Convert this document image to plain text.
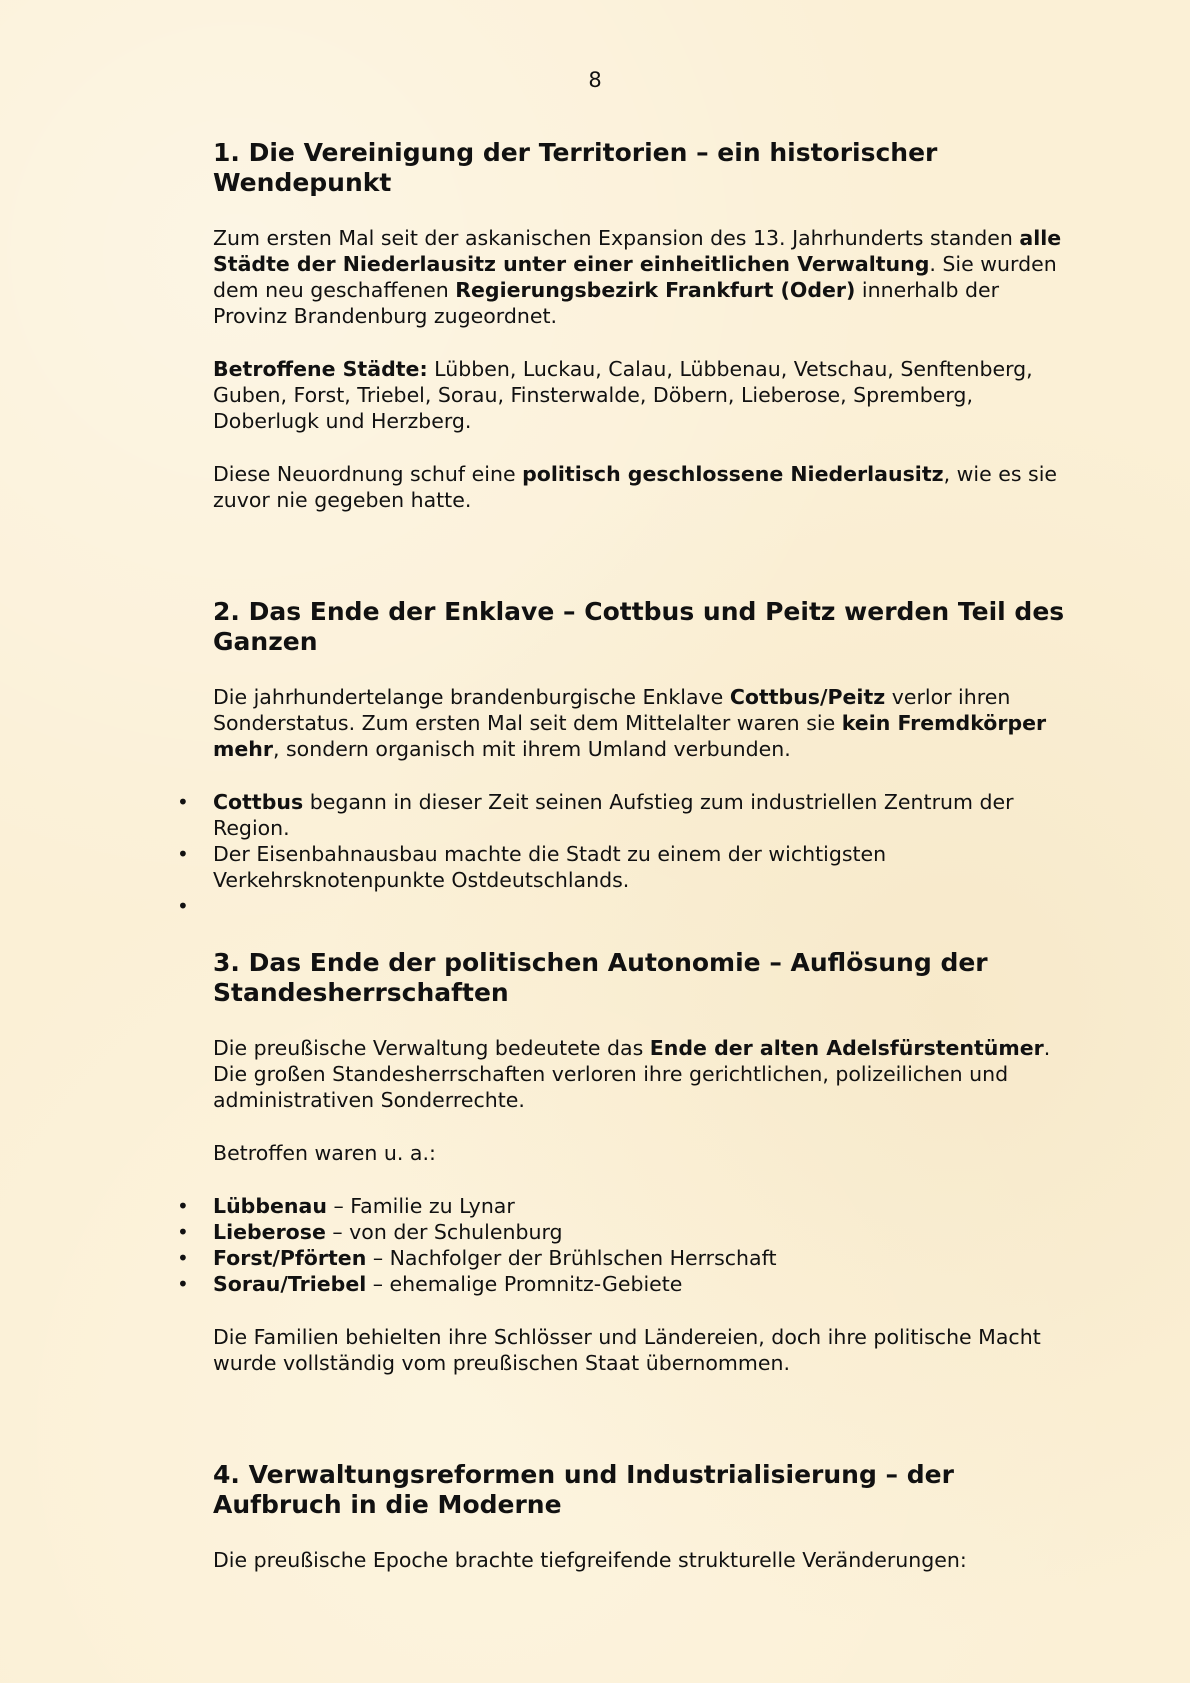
8
1. Die Vereinigung der Territorien – ein historischer Wendepunkt

Zum ersten Mal seit der askanischen Expansion des 13. Jahrhunderts standen alle Städte der Niederlausitz unter einer einheitlichen Verwaltung. Sie wurden dem neu geschaffenen Regierungsbezirk Frankfurt (Oder) innerhalb der Provinz Brandenburg zugeordnet.

Betroffene Städte: Lübben, Luckau, Calau, Lübbenau, Vetschau, Senftenberg, Guben, Forst, Triebel, Sorau, Finsterwalde, Döbern, Lieberose, Spremberg, Doberlugk und Herzberg.

Diese Neuordnung schuf eine politisch geschlossene Niederlausitz, wie es sie zuvor nie gegeben hatte.

2. Das Ende der Enklave – Cottbus und Peitz werden Teil des Ganzen

Die jahrhundertelange brandenburgische Enklave Cottbus/Peitz verlor ihren Sonderstatus. Zum ersten Mal seit dem Mittelalter waren sie kein Fremdkörper mehr, sondern organisch mit ihrem Umland verbunden.

• Cottbus begann in dieser Zeit seinen Aufstieg zum industriellen Zentrum der Region.
• Der Eisenbahnausbau machte die Stadt zu einem der wichtigsten Verkehrsknotenpunkte Ostdeutschlands.
•
3. Das Ende der politischen Autonomie – Auflösung der Standesherrschaften

Die preußische Verwaltung bedeutete das Ende der alten Adelsfürstentümer. Die großen Standesherrschaften verloren ihre gerichtlichen, polizeilichen und administrativen Sonderrechte.

Betroffen waren u. a.:

• Lübbenau – Familie zu Lynar
• Lieberose – von der Schulenburg
• Forst/Pförten – Nachfolger der Brühlschen Herrschaft
• Sorau/Triebel – ehemalige Promnitz-Gebiete

Die Familien behielten ihre Schlösser und Ländereien, doch ihre politische Macht wurde vollständig vom preußischen Staat übernommen.

4. Verwaltungsreformen und Industrialisierung – der Aufbruch in die Moderne

Die preußische Epoche brachte tiefgreifende strukturelle Veränderungen:
